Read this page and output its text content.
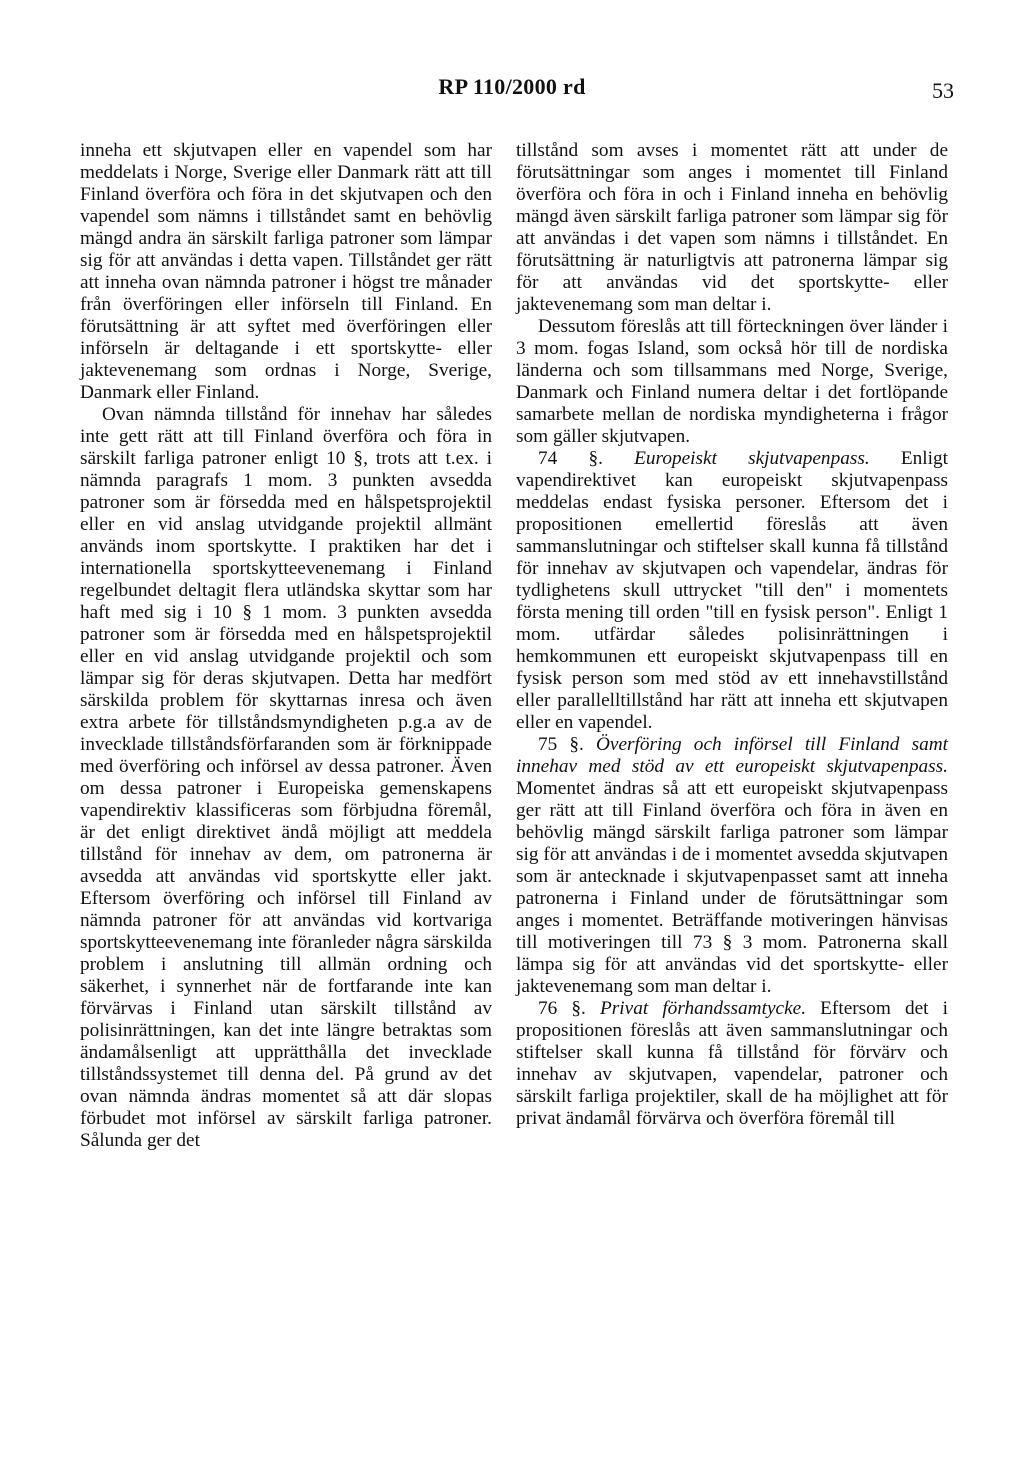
RP 110/2000 rd	53

inneha ett skjutvapen eller en vapendel som har meddelats i Norge, Sverige eller Danmark rätt att till Finland överföra och föra in det skjutvapen och den vapendel som nämns i tillståndet samt en behövlig mängd andra än särskilt farliga patroner som lämpar sig för att användas i detta vapen. Tillståndet ger rätt att inneha ovan nämnda patroner i högst tre månader från överföringen eller införseln till Finland. En förutsättning är att syftet med överföringen eller införseln är deltagande i ett sportskytte- eller jaktevenemang som ordnas i Norge, Sverige, Danmark eller Finland.

Ovan nämnda tillstånd för innehav har således inte gett rätt att till Finland överföra och föra in särskilt farliga patroner enligt 10 §, trots att t.ex. i nämnda paragrafs 1 mom. 3 punkten avsedda patroner som är försedda med en hålspetsprojektil eller en vid anslag utvidgande projektil allmänt används inom sportskytte. I praktiken har det i internationella sportskytteevenemang i Finland regelbundet deltagit flera utländska skyttar som har haft med sig i 10 § 1 mom. 3 punkten avsedda patroner som är försedda med en hålspetsprojektil eller en vid anslag utvidgande projektil och som lämpar sig för deras skjutvapen. Detta har medfört särskilda problem för skyttarnas inresa och även extra arbete för tillståndsmyndigheten p.g.a av de invecklade tillståndsförfaranden som är förknippade med överföring och införsel av dessa patroner. Även om dessa patroner i Europeiska gemenskapens vapendirektiv klassificeras som förbjudna föremål, är det enligt direktivet ändå möjligt att meddela tillstånd för innehav av dem, om patronerna är avsedda att användas vid sportskytte eller jakt. Eftersom överföring och införsel till Finland av nämnda patroner för att användas vid kortvariga sportskytteevenemang inte föranleder några särskilda problem i anslutning till allmän ordning och säkerhet, i synnerhet när de fortfarande inte kan förvärvas i Finland utan särskilt tillstånd av polisinrättningen, kan det inte längre betraktas som ändamålsenligt att upprätthålla det invecklade tillståndssystemet till denna del. På grund av det ovan nämnda ändras momentet så att där slopas förbudet mot införsel av särskilt farliga patroner. Sålunda ger det

tillstånd som avses i momentet rätt att under de förutsättningar som anges i momentet till Finland överföra och föra in och i Finland inneha en behövlig mängd även särskilt farliga patroner som lämpar sig för att användas i det vapen som nämns i tillståndet. En förutsättning är naturligtvis att patronerna lämpar sig för att användas vid det sportskytte- eller jaktevenemang som man deltar i.

Dessutom föreslås att till förteckningen över länder i 3 mom. fogas Island, som också hör till de nordiska länderna och som tillsammans med Norge, Sverige, Danmark och Finland numera deltar i det fortlöpande samarbete mellan de nordiska myndigheterna i frågor som gäller skjutvapen.

74 §. Europeiskt skjutvapenpass. Enligt vapendirektivet kan europeiskt skjutvapenpass meddelas endast fysiska personer. Eftersom det i propositionen emellertid föreslås att även sammanslutningar och stiftelser skall kunna få tillstånd för innehav av skjutvapen och vapendelar, ändras för tydlighetens skull uttrycket "till den" i momentets första mening till orden "till en fysisk person". Enligt 1 mom. utfärdar således polisinrättningen i hemkommunen ett europeiskt skjutvapenpass till en fysisk person som med stöd av ett innehavstillstånd eller parallelltillstånd har rätt att inneha ett skjutvapen eller en vapendel.

75 §. Överföring och införsel till Finland samt innehav med stöd av ett europeiskt skjutvapenpass. Momentet ändras så att ett europeiskt skjutvapenpass ger rätt att till Finland överföra och föra in även en behövlig mängd särskilt farliga patroner som lämpar sig för att användas i de i momentet avsedda skjutvapen som är antecknade i skjutvapenpasset samt att inneha patronerna i Finland under de förutsättningar som anges i momentet. Beträffande motiveringen hänvisas till motiveringen till 73 § 3 mom. Patronerna skall lämpa sig för att användas vid det sportskytte- eller jaktevenemang som man deltar i.

76 §. Privat förhandssamtycke. Eftersom det i propositionen föreslås att även sammanslutningar och stiftelser skall kunna få tillstånd för förvärv och innehav av skjutvapen, vapendelar, patroner och särskilt farliga projektiler, skall de ha möjlighet att för privat ändamål förvärva och överföra föremål till
